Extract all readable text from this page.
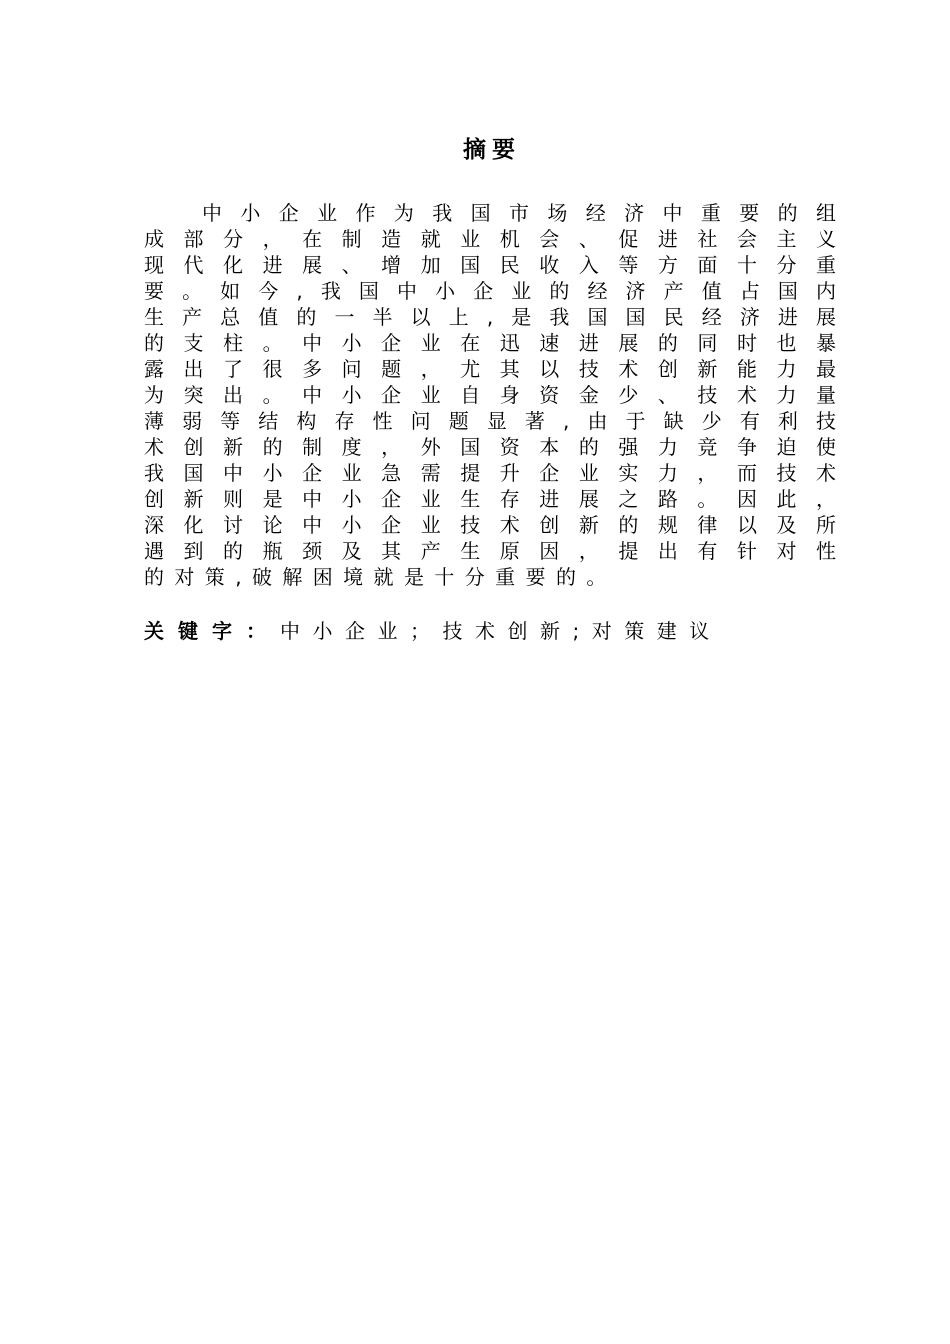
摘要
中小企业作为我国市场经济中重要的组
成部分，在制造就业机会、促进社会主义
现代化进展、增加国民收入等方面十分重
要。如今,我国中小企业的经济产值占国内
生产总值的一半以上,是我国国民经济进展
的支柱。中小企业在迅速进展的同时也暴
露出了很多问题，尤其以技术创新能力最
为突出。中小企业自身资金少、技术力量
薄弱等结构存性问题显著,由于缺少有利技
术创新的制度，外国资本的强力竞争迫使
我国中小企业急需提升企业实力，而技术
创新则是中小企业生存进展之路。因此，
深化讨论中小企业技术创新的规律以及所
遇到的瓶颈及其产生原因，提出有针对性
的对策,破解困境就是十分重要的。
关键字：中小企业；技术创新;对策建议
